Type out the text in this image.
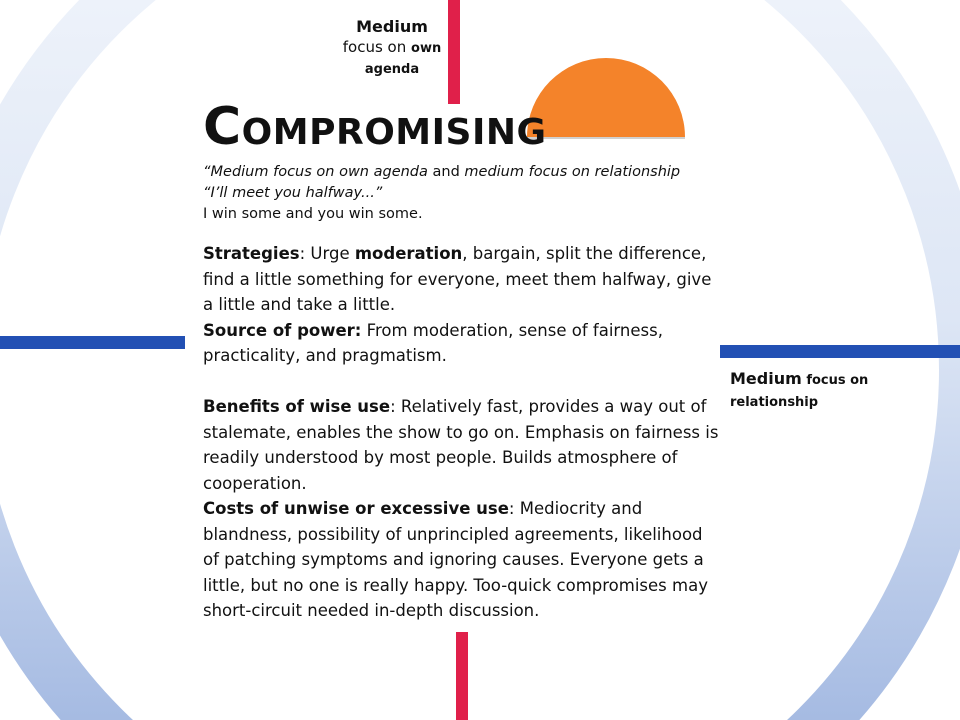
Medium
focus on own
agenda
Medium focus on relationship
COMPROMISING

“Medium focus on own agenda and medium focus on relationship

“I’ll meet you halfway...”

I win some and you win some.

Strategies: Urge moderation, bargain, split the difference, find a little something for everyone, meet them halfway, give a little and take a little.

Source of power: From moderation, sense of fairness, practicality, and pragmatism.

Benefits of wise use: Relatively fast, provides a way out of stalemate, enables the show to go on. Emphasis on fairness is readily understood by most people. Builds atmosphere of cooperation.

Costs of unwise or excessive use: Mediocrity and blandness, possibility of unprincipled agreements, likelihood of patching symptoms and ignoring causes. Everyone gets a little, but no one is really happy. Too-quick compromises may short-circuit needed in-depth discussion.
